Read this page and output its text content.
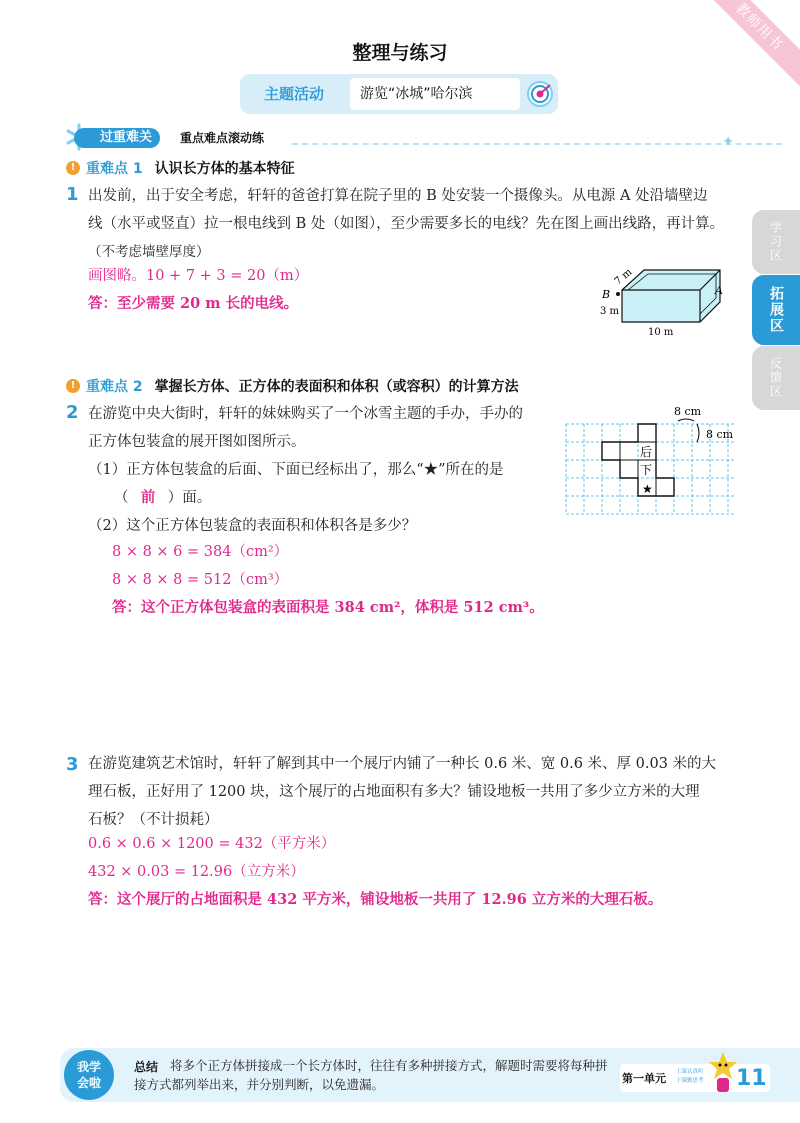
教师用书
整理与练习
主题活动	游览“冰城”哈尔滨
过重难关	重点难点滚动练	✦
! 重难点 1 认识长方体的基本特征
1 出发前，出于安全考虑，轩轩的爸爸打算在院子里的 B 处安装一个摄像头。从电源 A 处沿墙壁边
线（水平或竖直）拉一根电线到 B 处（如图），至少需要多长的电线？先在图上画出线路，再计算。
（不考虑墙壁厚度）
画图略。10 + 7 + 3 = 20（m）
答：至少需要 20 m 长的电线。
B	A
7 m
3 m
10 m
! 重难点 2 掌握长方体、正方体的表面积和体积（或容积）的计算方法
2 在游览中央大街时，轩轩的妹妹购买了一个冰雪主题的手办，手办的
正方体包装盒的展开图如图所示。
（1）正方体包装盒的后面、下面已经标出了，那么“★”所在的是
（ 前 ）面。
（2）这个正方体包装盒的表面积和体积各是多少？
8 × 8 × 6 = 384（cm²）
8 × 8 × 8 = 512（cm³）
答：这个正方体包装盒的表面积是 384 cm²，体积是 512 cm³。
后
下
★
8 cm
8 cm
3 在游览建筑艺术馆时，轩轩了解到其中一个展厅内铺了一种长 0.6 米、宽 0.6 米、厚 0.03 米的大
理石板，正好用了 1200 块，这个展厅的占地面积有多大？铺设地板一共用了多少立方米的大理
石板？（不计损耗）
0.6 × 0.6 × 1200 = 432（平方米）
432 × 0.03 = 12.96（立方米）
答：这个展厅的占地面积是 432 平方米，铺设地板一共用了 12.96 立方米的大理石板。
学习区
拓展区
反馈区
我学
会啦
总结 将多个正方体拼接成一个长方体时，往往有多种拼接方式，解题时需要将每种拼接方式都列举出来，并分别判断，以免遗漏。	第一单元 上课认真听
下课勤思考 11
